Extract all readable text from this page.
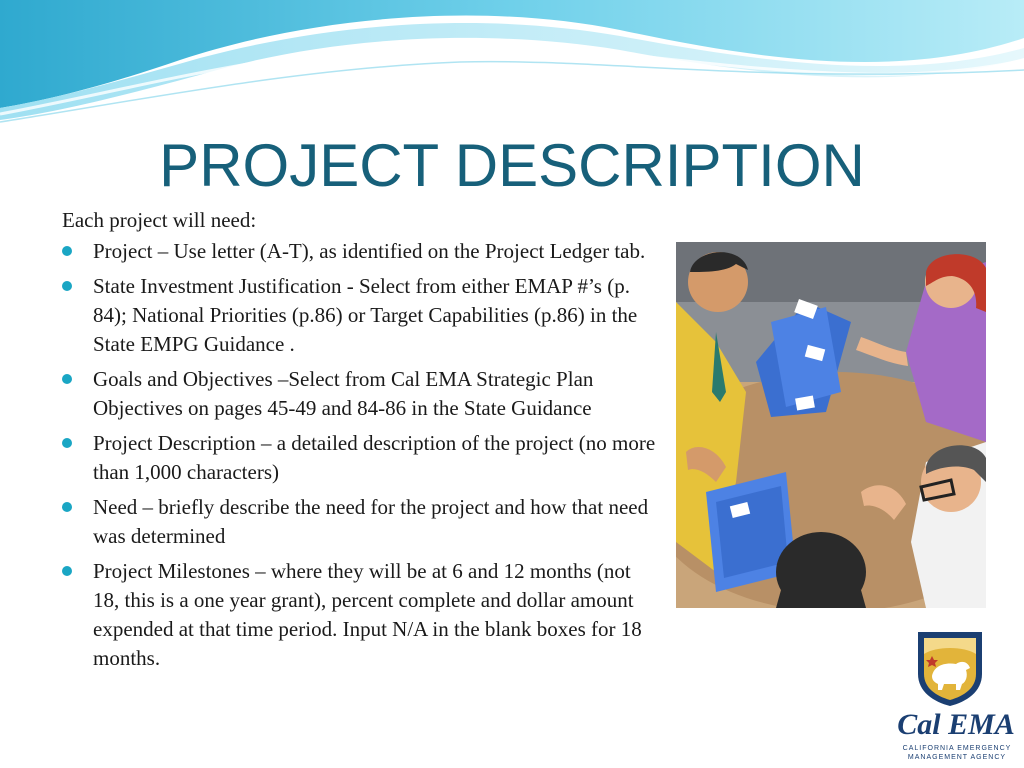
PROJECT DESCRIPTION
Each project will need:
Project – Use letter (A-T), as identified on the Project Ledger tab.
State Investment Justification - Select from either EMAP #’s (p. 84); National Priorities (p.86) or Target Capabilities (p.86) in the State EMPG Guidance .
Goals and Objectives –Select from Cal EMA Strategic Plan Objectives on pages 45-49 and 84-86 in the State Guidance
Project Description – a detailed description of the project (no more than 1,000 characters)
Need – briefly describe the need for the project and how that need was determined
Project Milestones – where they will be at 6 and 12 months (not 18, this is a one year grant), percent complete and dollar amount expended at that time period. Input N/A in the blank boxes for 18 months.
Cal EMA
CALIFORNIA EMERGENCY MANAGEMENT AGENCY
